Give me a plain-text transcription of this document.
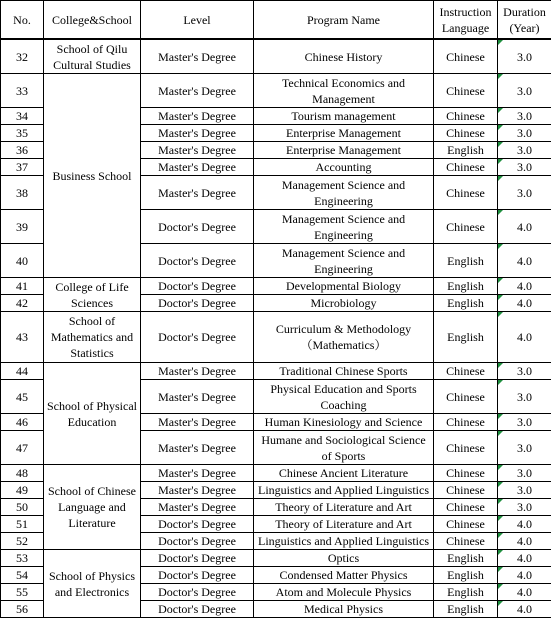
No.	College&School	Level	Program Name	Instruction Language	Duration (Year)
32	School of Qilu Cultural Studies	Master's Degree	Chinese History	Chinese	3.0
33	Business School	Master's Degree	Technical Economics and Management	Chinese	3.0
34		Master's Degree	Tourism management	Chinese	3.0
35		Master's Degree	Enterprise Management	Chinese	3.0
36		Master's Degree	Enterprise Management	English	3.0
37		Master's Degree	Accounting	Chinese	3.0
38		Master's Degree	Management Science and Engineering	Chinese	3.0
39		Doctor's Degree	Management Science and Engineering	Chinese	4.0
40		Doctor's Degree	Management Science and Engineering	English	4.0
41	College of Life Sciences	Doctor's Degree	Developmental Biology	English	4.0
42		Doctor's Degree	Microbiology	English	4.0
43	School of Mathematics and Statistics	Doctor's Degree	Curriculum & Methodology（Mathematics）	English	4.0
44	School of Physical Education	Master's Degree	Traditional Chinese Sports	Chinese	3.0
45		Master's Degree	Physical Education and Sports Coaching	Chinese	3.0
46		Master's Degree	Human Kinesiology and Science	Chinese	3.0
47		Master's Degree	Humane and Sociological Science of Sports	Chinese	3.0
48	School of Chinese Language and Literature	Master's Degree	Chinese Ancient Literature	Chinese	3.0
49		Master's Degree	Linguistics and Applied Linguistics	Chinese	3.0
50		Master's Degree	Theory of Literature and Art	Chinese	3.0
51		Doctor's Degree	Theory of Literature and Art	Chinese	4.0
52		Doctor's Degree	Linguistics and Applied Linguistics	Chinese	4.0
53	School of Physics and Electronics	Doctor's Degree	Optics	English	4.0
54		Doctor's Degree	Condensed Matter Physics	English	4.0
55		Doctor's Degree	Atom and Molecule Physics	English	4.0
56		Doctor's Degree	Medical Physics	English	4.0
